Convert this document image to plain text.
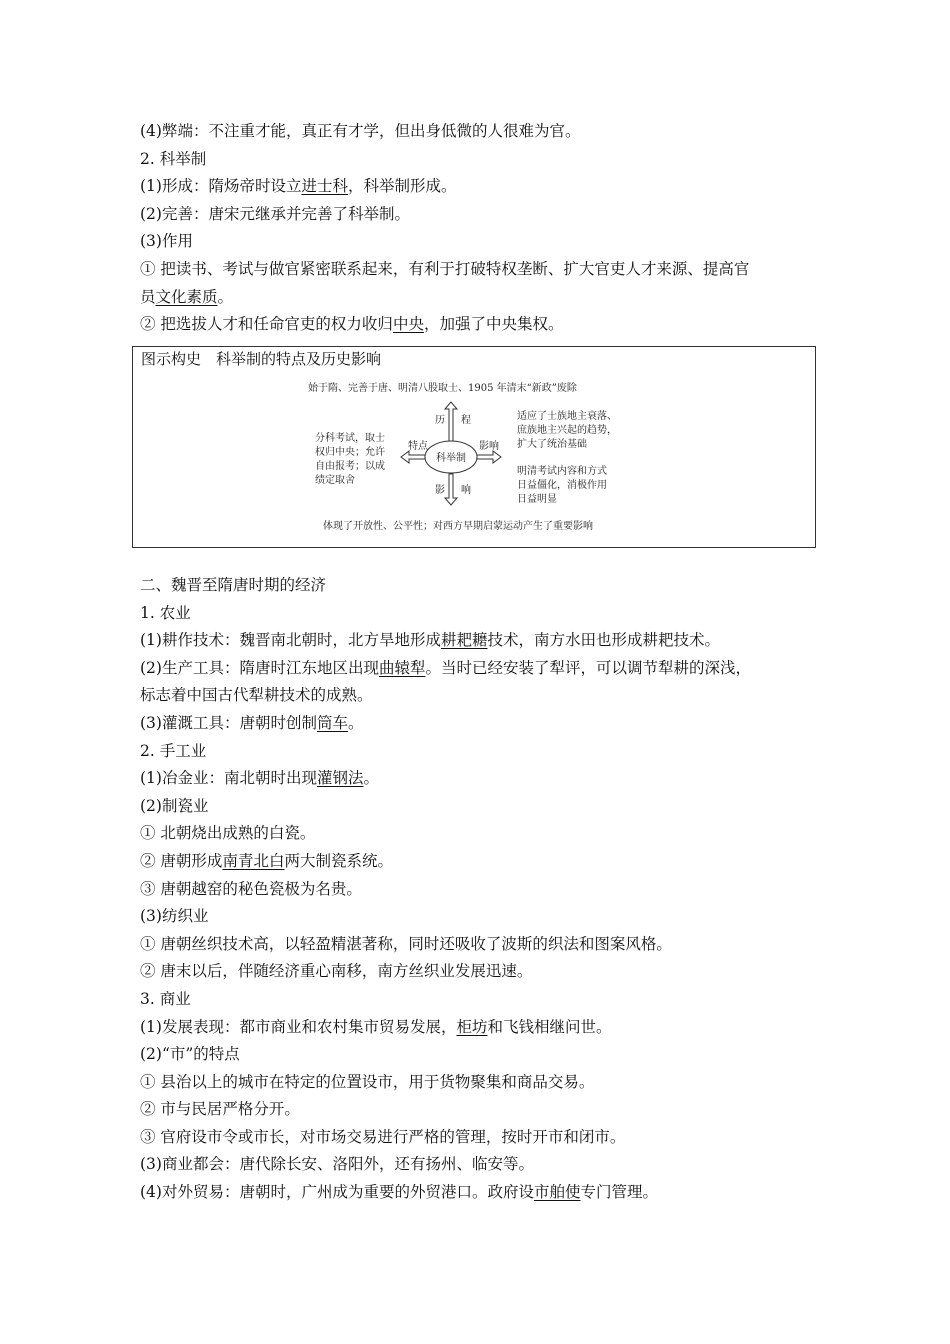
(4)弊端：不注重才能，真正有才学，但出身低微的人很难为官。
2. 科举制
(1)形成：隋炀帝时设立进士科，科举制形成。
(2)完善：唐宋元继承并完善了科举制。
(3)作用
① 把读书、考试与做官紧密联系起来，有利于打破特权垄断、扩大官吏人才来源、提高官
员文化素质。
② 把选拔人才和任命官吏的权力收归中央，加强了中央集权。
图示构史　科举制的特点及历史影响
始于隋、完善于唐、明清八股取士、1905 年清末“新政”废除
历 程
科举制
特点	影响
影 响
分科考试，取士
权归中央；允许
自由报考；以成
绩定取舍
适应了士族地主衰落、
庶族地主兴起的趋势，
扩大了统治基础
明清考试内容和方式
日益僵化，消极作用
日益明显
体现了开放性、公平性；对西方早期启蒙运动产生了重要影响
二、魏晋至隋唐时期的经济
1. 农业
(1)耕作技术：魏晋南北朝时，北方旱地形成耕耙耱技术，南方水田也形成耕耙技术。
(2)生产工具：隋唐时江东地区出现曲辕犁。当时已经安装了犁评，可以调节犁耕的深浅，
标志着中国古代犁耕技术的成熟。
(3)灌溉工具：唐朝时创制筒车。
2. 手工业
(1)冶金业：南北朝时出现灌钢法。
(2)制瓷业
① 北朝烧出成熟的白瓷。
② 唐朝形成南青北白两大制瓷系统。
③ 唐朝越窑的秘色瓷极为名贵。
(3)纺织业
① 唐朝丝织技术高，以轻盈精湛著称，同时还吸收了波斯的织法和图案风格。
② 唐末以后，伴随经济重心南移，南方丝织业发展迅速。
3. 商业
(1)发展表现：都市商业和农村集市贸易发展，柜坊和飞钱相继问世。
(2)“市”的特点
① 县治以上的城市在特定的位置设市，用于货物聚集和商品交易。
② 市与民居严格分开。
③ 官府设市令或市长，对市场交易进行严格的管理，按时开市和闭市。
(3)商业都会：唐代除长安、洛阳外，还有扬州、临安等。
(4)对外贸易：唐朝时，广州成为重要的外贸港口。政府设市舶使专门管理。
